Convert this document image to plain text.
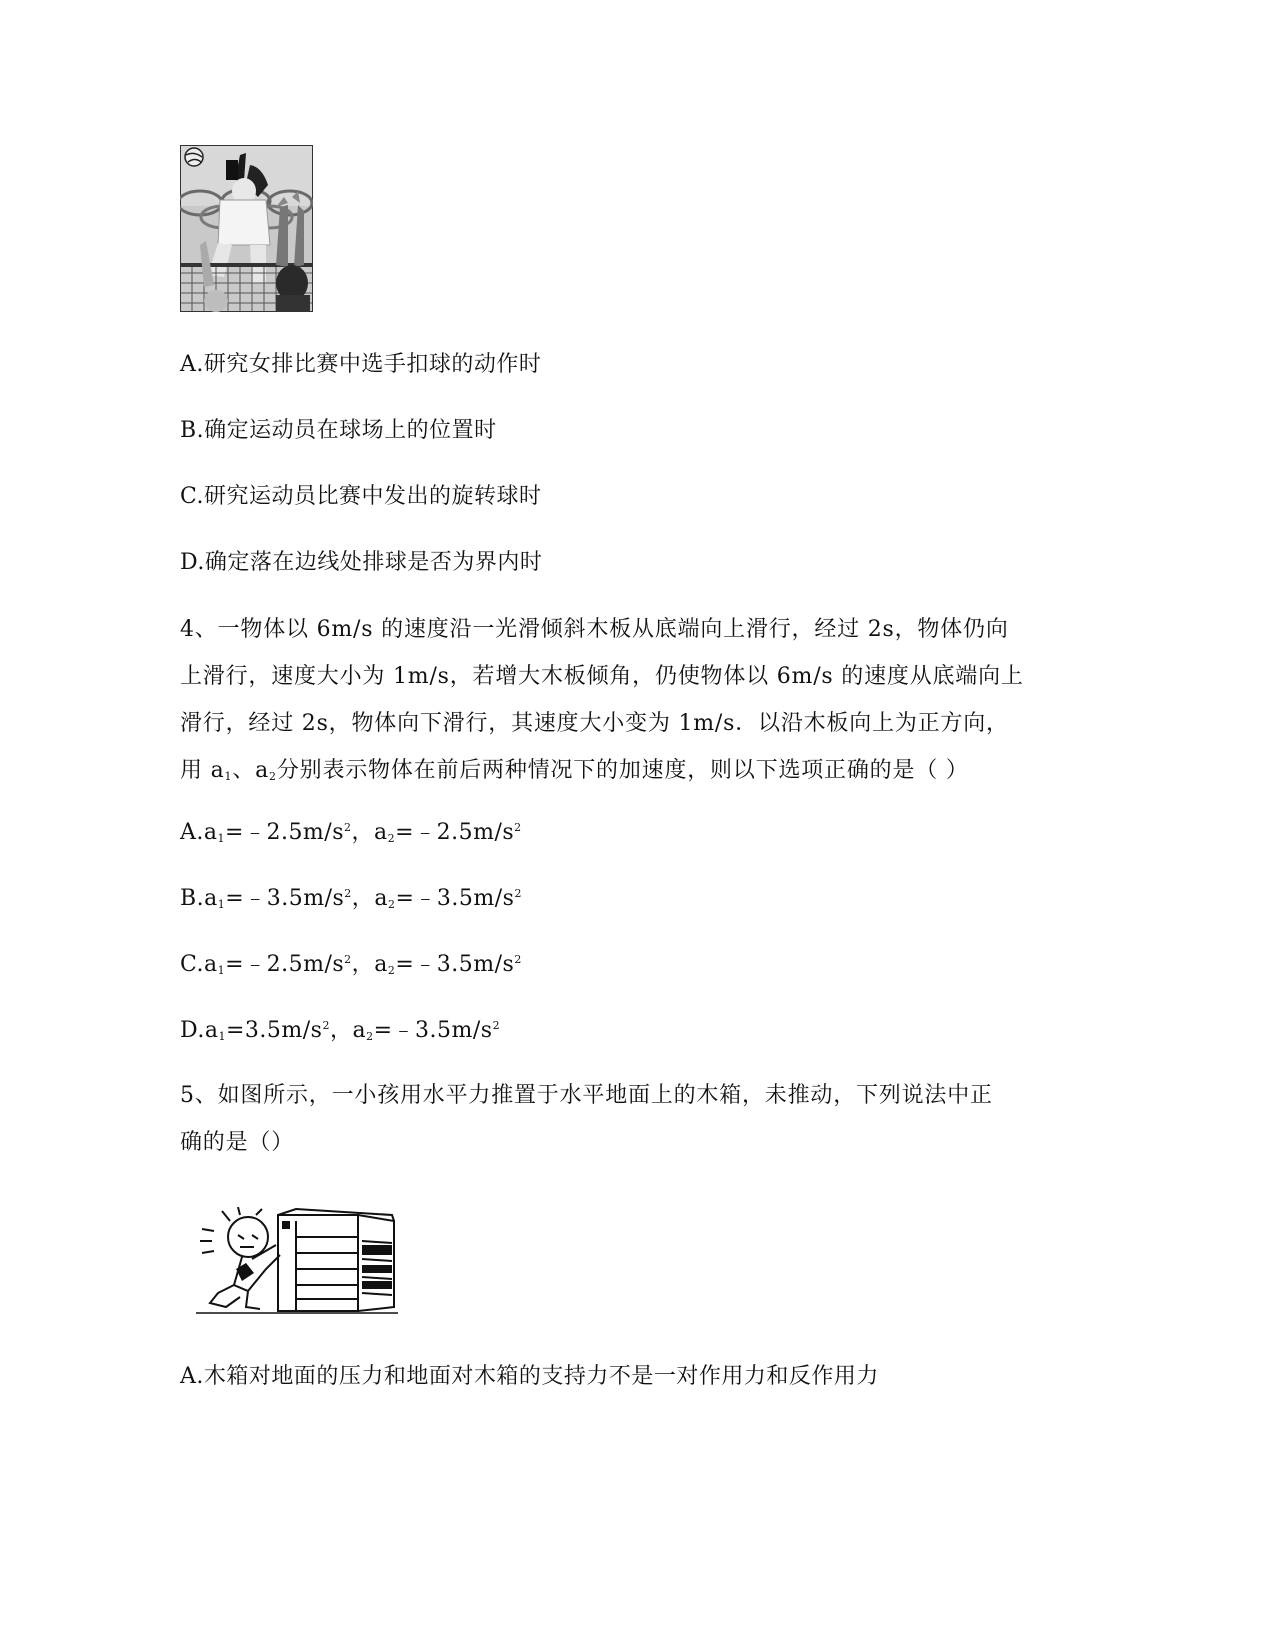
A.研究女排比赛中选手扣球的动作时
B.确定运动员在球场上的位置时
C.研究运动员比赛中发出的旋转球时
D.确定落在边线处排球是否为界内时
4、一物体以 6m/s 的速度沿一光滑倾斜木板从底端向上滑行，经过 2s，物体仍向
上滑行，速度大小为 1m/s，若增大木板倾角，仍使物体以 6m/s 的速度从底端向上
滑行，经过 2s，物体向下滑行，其速度大小变为 1m/s．以沿木板向上为正方向，
用 $a_1$、$a_2$分别表示物体在前后两种情况下的加速度，则以下选项正确的是（ ）
$A.a_1=﹣2.5m/s^2$，$a_2=﹣2.5m/s^2$
$B.a_1=﹣3.5m/s^2$，$a_2=﹣3.5m/s^2$
$C.a_1=﹣2.5m/s^2$，$a_2=﹣3.5m/s^2$
$D.a_1=3.5m/s^2$，$a_2=﹣3.5m/s^2$
5、如图所示，一小孩用水平力推置于水平地面上的木箱，未推动，下列说法中正
确的是（）
A.木箱对地面的压力和地面对木箱的支持力不是一对作用力和反作用力
